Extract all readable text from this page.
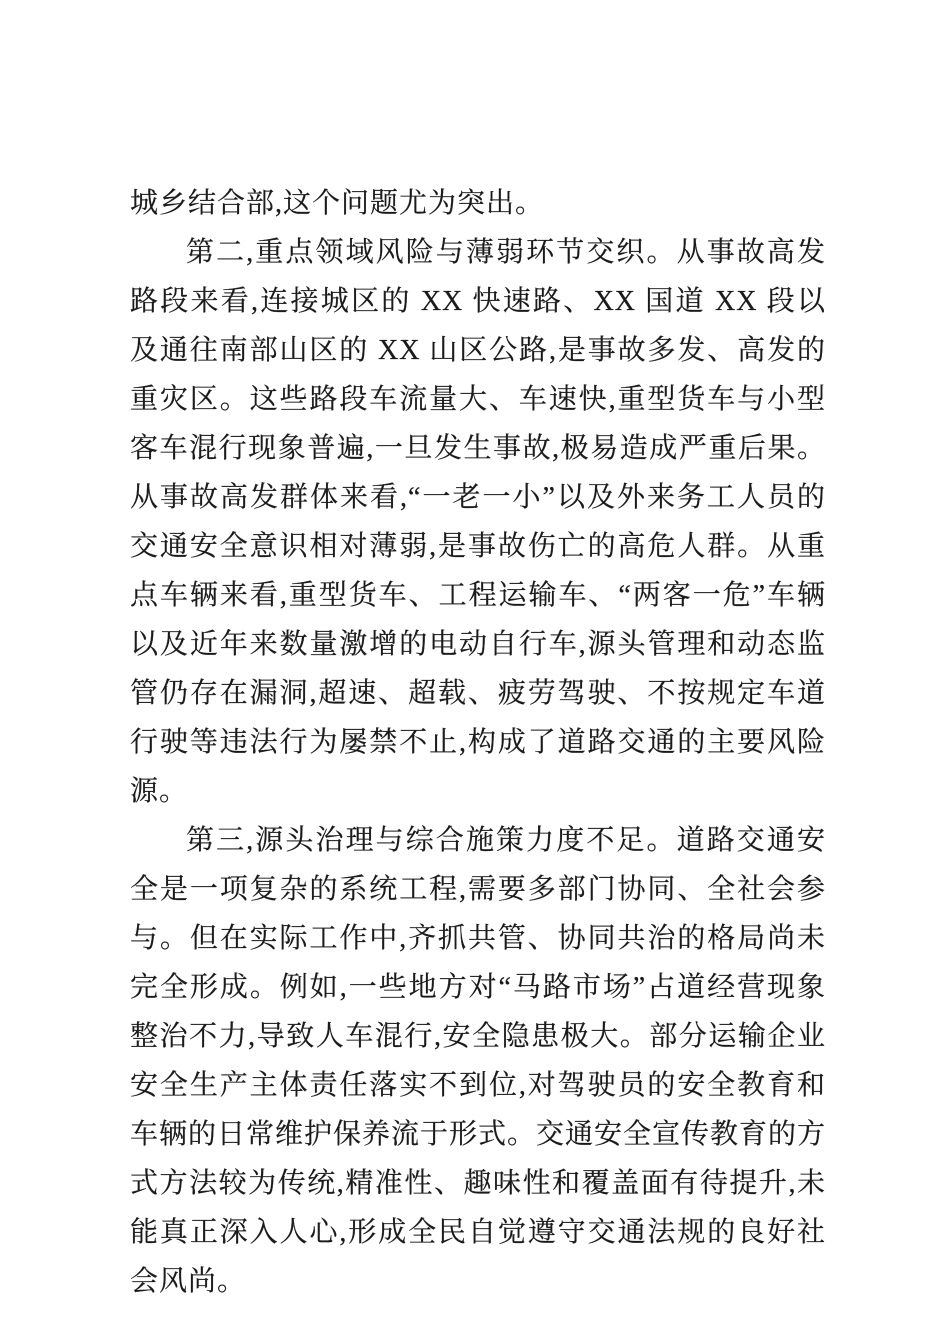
城乡结合部,这个问题尤为突出。

第二,重点领域风险与薄弱环节交织。从事故高发路段来看,连接城区的 XX 快速路、XX 国道 XX 段以及通往南部山区的 XX 山区公路,是事故多发、高发的重灾区。这些路段车流量大、车速快,重型货车与小型客车混行现象普遍,一旦发生事故,极易造成严重后果。从事故高发群体来看,“一老一小”以及外来务工人员的交通安全意识相对薄弱,是事故伤亡的高危人群。从重点车辆来看,重型货车、工程运输车、“两客一危”车辆以及近年来数量激增的电动自行车,源头管理和动态监管仍存在漏洞,超速、超载、疲劳驾驶、不按规定车道行驶等违法行为屡禁不止,构成了道路交通的主要风险源。

第三,源头治理与综合施策力度不足。道路交通安全是一项复杂的系统工程,需要多部门协同、全社会参与。但在实际工作中,齐抓共管、协同共治的格局尚未完全形成。例如,一些地方对“马路市场”占道经营现象整治不力,导致人车混行,安全隐患极大。部分运输企业安全生产主体责任落实不到位,对驾驶员的安全教育和车辆的日常维护保养流于形式。交通安全宣传教育的方式方法较为传统,精准性、趣味性和覆盖面有待提升,未能真正深入人心,形成全民自觉遵守交通法规的良好社会风尚。
